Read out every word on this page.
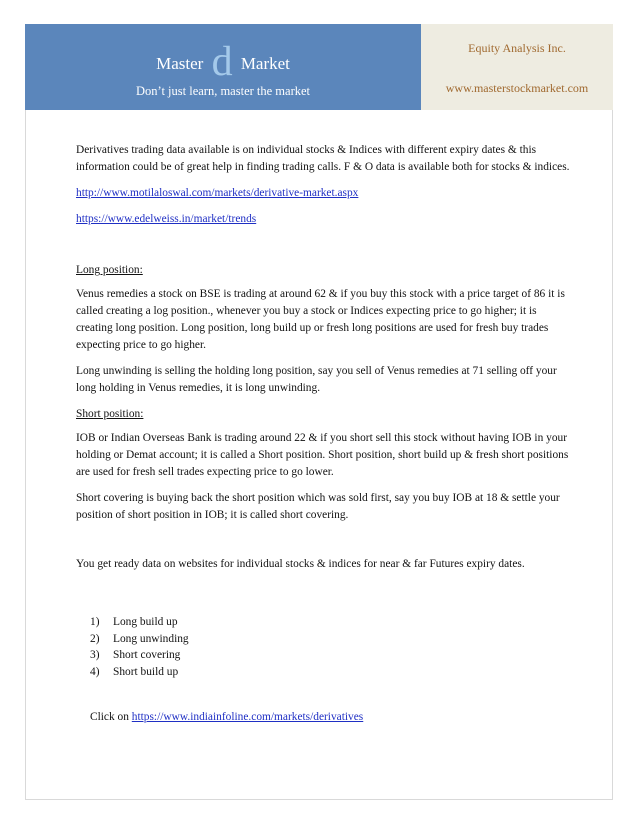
Master d Market
Don’t just learn, master the market
Equity Analysis Inc.
www.masterstockmarket.com

Derivatives trading data available is on individual stocks & Indices with different expiry dates & this information could be of great help in finding trading calls. F & O data is available both for stocks & indices.

http://www.motilaloswal.com/markets/derivative-market.aspx

https://www.edelweiss.in/market/trends

Long position:

Venus remedies a stock on BSE is trading at around 62 & if you buy this stock with a price target of 86 it is called creating a log position., whenever you buy a stock or Indices expecting price to go higher; it is creating long position. Long position, long build up or fresh long positions are used for fresh buy trades expecting price to go higher.

Long unwinding is selling the holding long position, say you sell of Venus remedies at 71 selling off your long holding in Venus remedies, it is long unwinding.

Short position:

IOB or Indian Overseas Bank is trading around 22 & if you short sell this stock without having IOB in your holding or Demat account; it is called a Short position. Short position, short build up & fresh short positions are used for fresh sell trades expecting price to go lower.

Short covering is buying back the short position which was sold first, say you buy IOB at 18 & settle your position of short position in IOB; it is called short covering.

You get ready data on websites for individual stocks & indices for near & far Futures expiry dates.

1) Long build up
2) Long unwinding
3) Short covering
4) Short build up

Click on https://www.indiainfoline.com/markets/derivatives
